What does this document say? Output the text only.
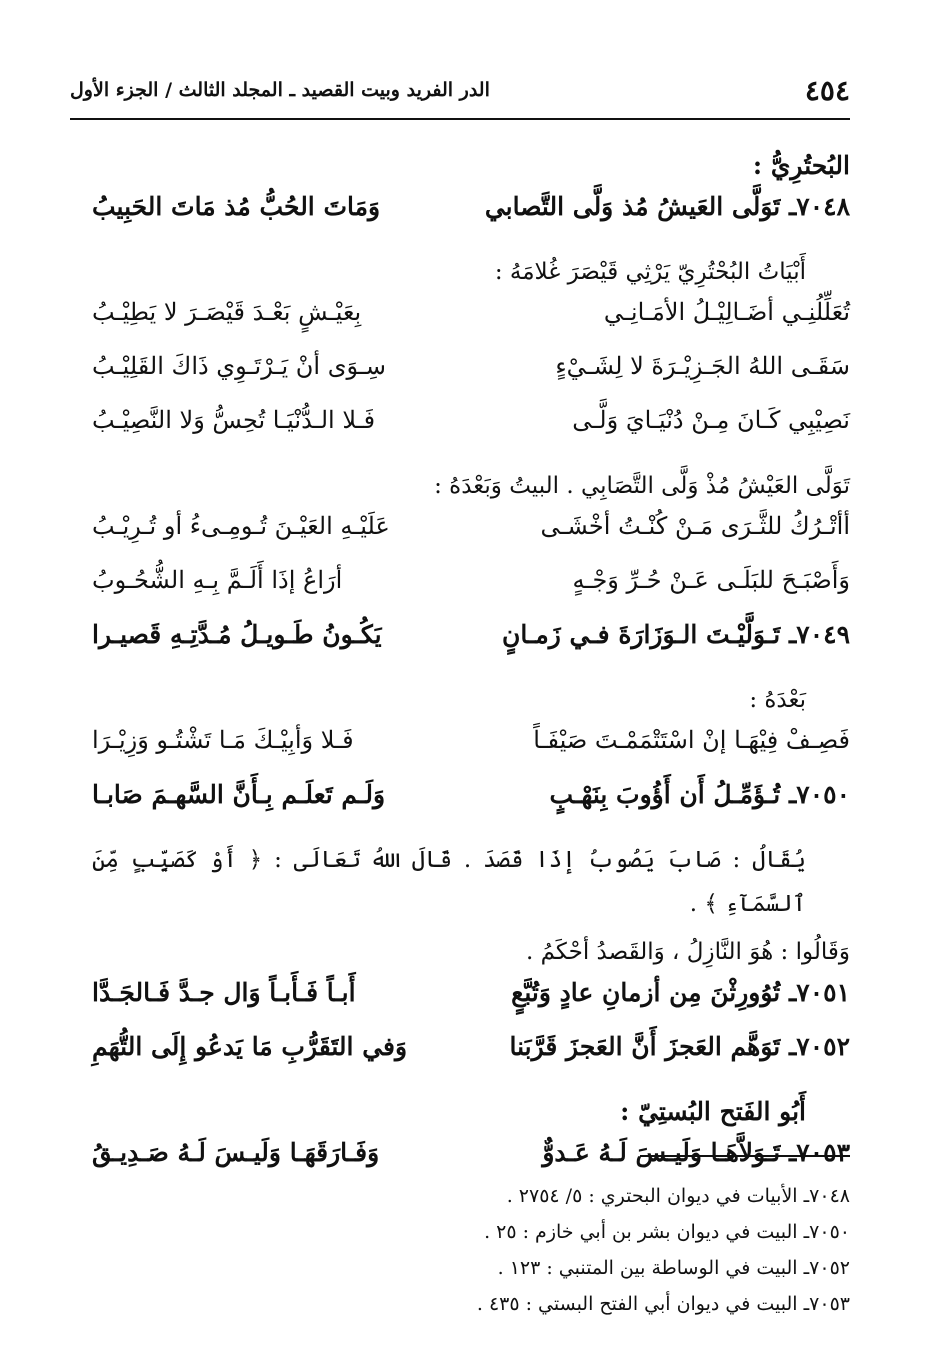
٤٥٤
الدر الفريد وبيت القصيد ـ المجلد الثالث / الجزء الأول
البُحتُرِيُّ :
٧٠٤٨ـ تَوَلَّى العَيشُ مُذ وَلَّى التَّصابي
وَمَاتَ الحُبُّ مُذ مَاتَ الحَبِيبُ
أَبْيَاتُ البُحْتُرِيّ يَرْثِي قَيْصَرَ غُلامَهُ :
تُعَلِّلُنِـي أضَـالِيْـلُ الأمَـانِـي
بِعَيْـشٍ بَعْـدَ قَيْصَـرَ لا يَطِيْـبُ
سَقَـى اللهُ الجَـزِيْـرَةَ لا لِشَـيْءٍ
سِـوَى أنْ يَـرْتَـوِي ذَاكَ القَلِيْـبُ
نَصِيْبِي كَـانَ مِـنْ دُنْيَـايَ وَلَّـى
فَـلا الـدُّنْيَـا تُحِسُّ وَلا النَّصِيْـبُ
تَوَلَّى العَيْشُ مُذْ وَلَّى التَّصَابِي . البيتُ وَبَعْدَهُ :
أأتْـرُكُ للثَّـرَى مَـنْ كُنْـتُ أخْشَـى
عَلَيْـهِ العَيْـنَ تُـومِـىءُ أو تُـرِيْـبُ
وَأَصْبَـحَ للبَلَـى عَـنْ حُـرِّ وَجْـهٍ
أرَاعُ إذَا أَلَـمَّ بِـهِ الشُّحُـوبُ
٧٠٤٩ـ تَـوَلَّيْـتَ الـوَزَارَةَ فـي زَمـانٍ
يَكُـونُ طَـويـلُ مُـدَّتِـهِ قَصيـرا
بَعْدَهُ :
فَصِـفْ فِيْهَـا إنْ اسْتَتْمَمْـتَ صَيْفَـاً
فَـلا وَأبِيْـكَ مَـا تَشْتُـو وَزِيْـرَا
٧٠٥٠ـ تُـؤَمِّـلُ أَن أَؤُوبَ بِنَهْـبٍ
وَلَـم تَعلَـم بِـأَنَّ السَّهـمَ صَابـا
يُقَالُ : صَابَ يَصُوبُ إذَا قَصَدَ . قَالَ اللهُ تَعَالَى : ﴿ أَوْ كَصَيِّبٍ مِّنَ ٱلسَّمَآءِ ﴾ .
وَقَالُوا : هُوَ النَّازِلُ ، وَالقَصدُ أحْكَمُ .
٧٠٥١ـ تُوُورِثْنَ مِن أزمانِ عادٍ وَتُبَّعٍ
أَبـاً فَـأَبـاً وَال جـدَّ فَـالجَـدَّا
٧٠٥٢ـ تَوَهَّم العَجزَ أَنَّ العَجزَ قَرَّبَنا
وَفي التَقَرُّبِ مَا يَدعُو إِلَى التُّهَمِ
أَبُو الفَتح البُستِيّ :
٧٠٥٣ـ تَـوَلاَّهَـا وَلَيـسَ لَـهُ عَـدوٌّ
وَفَـارَقَهَـا وَلَيـسَ لَـهُ صَـدِيـقُ
٧٠٤٨ـ الأبيات في ديوان البحتري : ٥/ ٢٧٥٤ .
٧٠٥٠ـ البيت في ديوان بشر بن أبي خازم : ٢٥ .
٧٠٥٢ـ البيت في الوساطة بين المتنبي : ١٢٣ .
٧٠٥٣ـ البيت في ديوان أبي الفتح البستي : ٤٣٥ .
